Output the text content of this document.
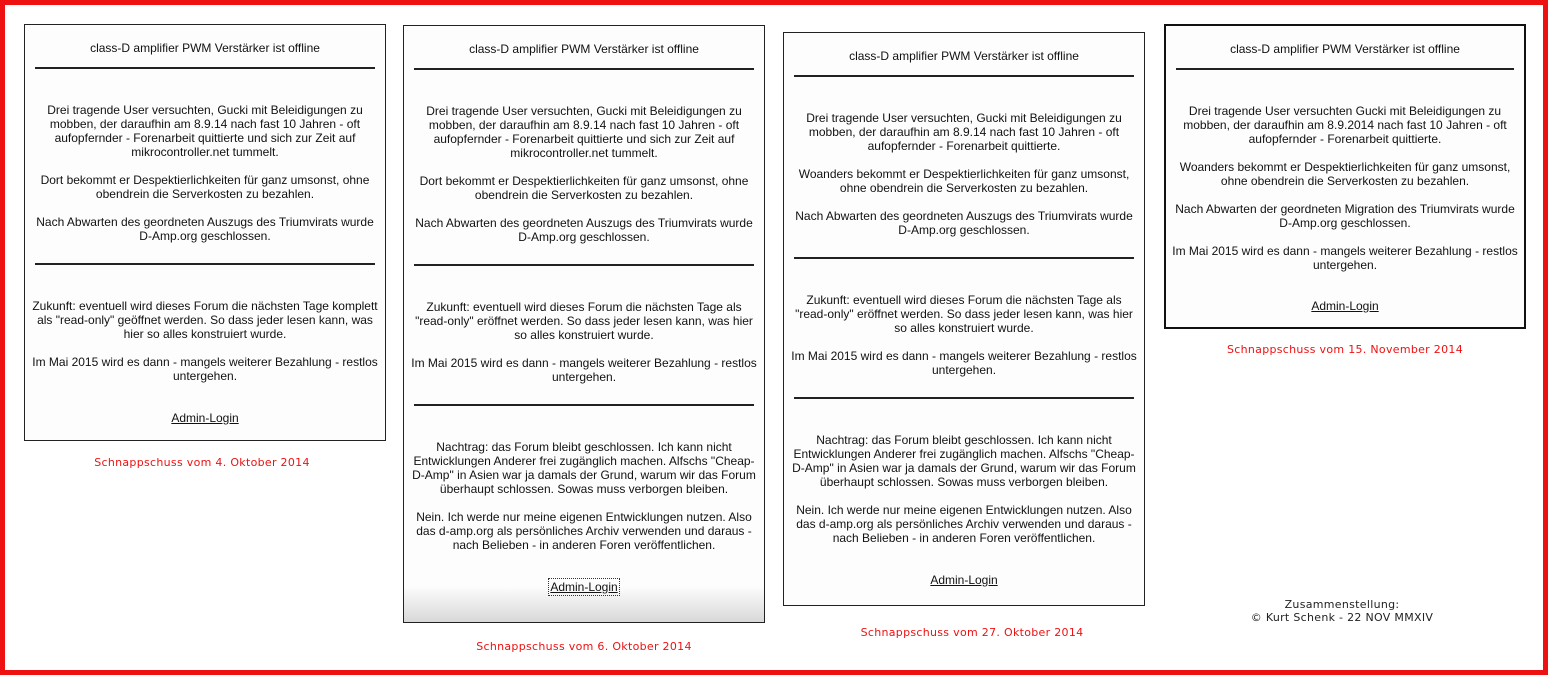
class-D amplifier PWM Verstärker ist offline

Drei tragende User versuchten, Gucki mit Beleidigungen zu mobben, der daraufhin am 8.9.14 nach fast 10 Jahren - oft aufopfernder - Forenarbeit quittierte und sich zur Zeit auf mikrocontroller.net tummelt.

Dort bekommt er Despektierlichkeiten für ganz umsonst, ohne obendrein die Serverkosten zu bezahlen.

Nach Abwarten des geordneten Auszugs des Triumvirats wurde D-Amp.org geschlossen.

Zukunft: eventuell wird dieses Forum die nächsten Tage komplett als "read-only" geöffnet werden. So dass jeder lesen kann, was hier so alles konstruiert wurde.

Im Mai 2015 wird es dann - mangels weiterer Bezahlung - restlos untergehen.

Admin-Login
Schnappschuss vom 4. Oktober 2014
class-D amplifier PWM Verstärker ist offline

Drei tragende User versuchten, Gucki mit Beleidigungen zu mobben, der daraufhin am 8.9.14 nach fast 10 Jahren - oft aufopfernder - Forenarbeit quittierte und sich zur Zeit auf mikrocontroller.net tummelt.

Dort bekommt er Despektierlichkeiten für ganz umsonst, ohne obendrein die Serverkosten zu bezahlen.

Nach Abwarten des geordneten Auszugs des Triumvirats wurde D-Amp.org geschlossen.

Zukunft: eventuell wird dieses Forum die nächsten Tage als "read-only" eröffnet werden. So dass jeder lesen kann, was hier so alles konstruiert wurde.

Im Mai 2015 wird es dann - mangels weiterer Bezahlung - restlos untergehen.

Nachtrag: das Forum bleibt geschlossen. Ich kann nicht Entwicklungen Anderer frei zugänglich machen. Alfschs "Cheap-D-Amp" in Asien war ja damals der Grund, warum wir das Forum überhaupt schlossen. Sowas muss verborgen bleiben.

Nein. Ich werde nur meine eigenen Entwicklungen nutzen. Also das d-amp.org als persönliches Archiv verwenden und daraus - nach Belieben - in anderen Foren veröffentlichen.

Admin-Login
Schnappschuss vom 6. Oktober 2014
class-D amplifier PWM Verstärker ist offline

Drei tragende User versuchten, Gucki mit Beleidigungen zu mobben, der daraufhin am 8.9.14 nach fast 10 Jahren - oft aufopfernder - Forenarbeit quittierte.

Woanders bekommt er Despektierlichkeiten für ganz umsonst, ohne obendrein die Serverkosten zu bezahlen.

Nach Abwarten des geordneten Auszugs des Triumvirats wurde D-Amp.org geschlossen.

Zukunft: eventuell wird dieses Forum die nächsten Tage als "read-only" eröffnet werden. So dass jeder lesen kann, was hier so alles konstruiert wurde.

Im Mai 2015 wird es dann - mangels weiterer Bezahlung - restlos untergehen.

Nachtrag: das Forum bleibt geschlossen. Ich kann nicht Entwicklungen Anderer frei zugänglich machen. Alfschs "Cheap-D-Amp" in Asien war ja damals der Grund, warum wir das Forum überhaupt schlossen. Sowas muss verborgen bleiben.

Nein. Ich werde nur meine eigenen Entwicklungen nutzen. Also das d-amp.org als persönliches Archiv verwenden und daraus - nach Belieben - in anderen Foren veröffentlichen.

Admin-Login
Schnappschuss vom 27. Oktober 2014
class-D amplifier PWM Verstärker ist offline

Drei tragende User versuchten Gucki mit Beleidigungen zu mobben, der daraufhin am 8.9.2014 nach fast 10 Jahren - oft aufopfernder - Forenarbeit quittierte.

Woanders bekommt er Despektierlichkeiten für ganz umsonst, ohne obendrein die Serverkosten zu bezahlen.

Nach Abwarten der geordneten Migration des Triumvirats wurde D-Amp.org geschlossen.

Im Mai 2015 wird es dann - mangels weiterer Bezahlung - restlos untergehen.

Admin-Login
Schnappschuss vom 15. November 2014
Zusammenstellung:
© Kurt Schenk - 22 NOV MMXIV
